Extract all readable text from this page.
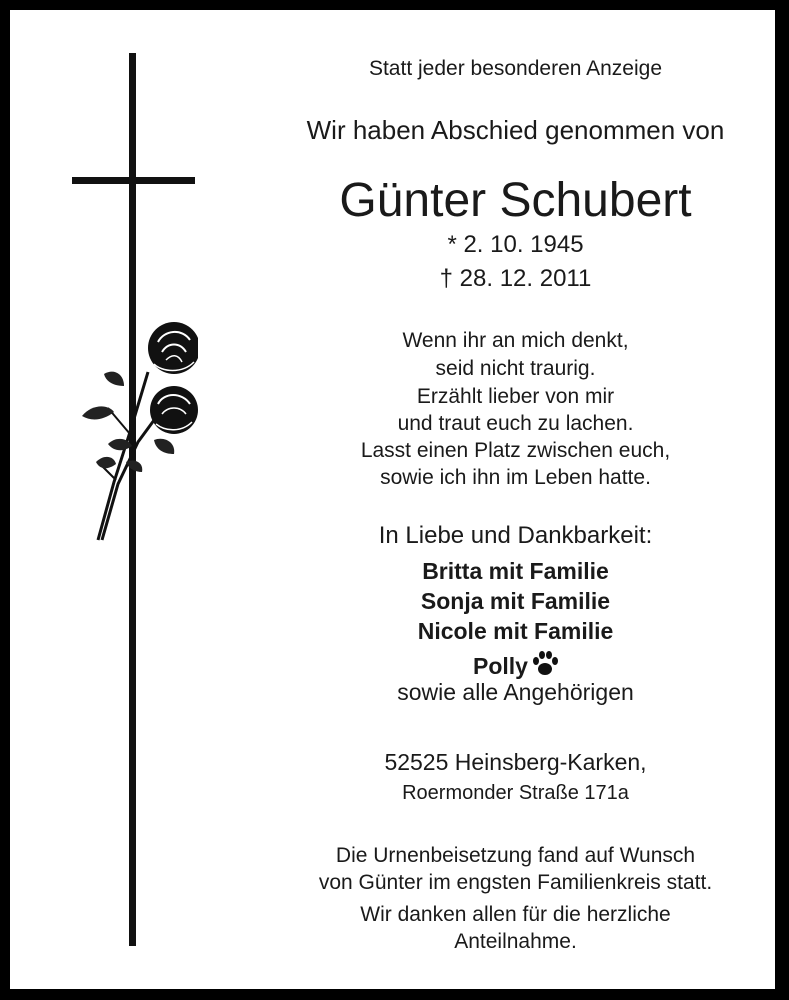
Statt jeder besonderen Anzeige
Wir haben Abschied genommen von
Günter Schubert
* 2. 10. 1945
† 28. 12. 2011
Wenn ihr an mich denkt,
seid nicht traurig.
Erzählt lieber von mir
und traut euch zu lachen.
Lasst einen Platz zwischen euch,
sowie ich ihn im Leben hatte.
In Liebe und Dankbarkeit:
Britta mit Familie
Sonja mit Familie
Nicole mit Familie
Polly
sowie alle Angehörigen
52525 Heinsberg-Karken,
Roermonder Straße 171a
Die Urnenbeisetzung fand auf Wunsch
von Günter im engsten Familienkreis statt.
Wir danken allen für die herzliche
Anteilnahme.
